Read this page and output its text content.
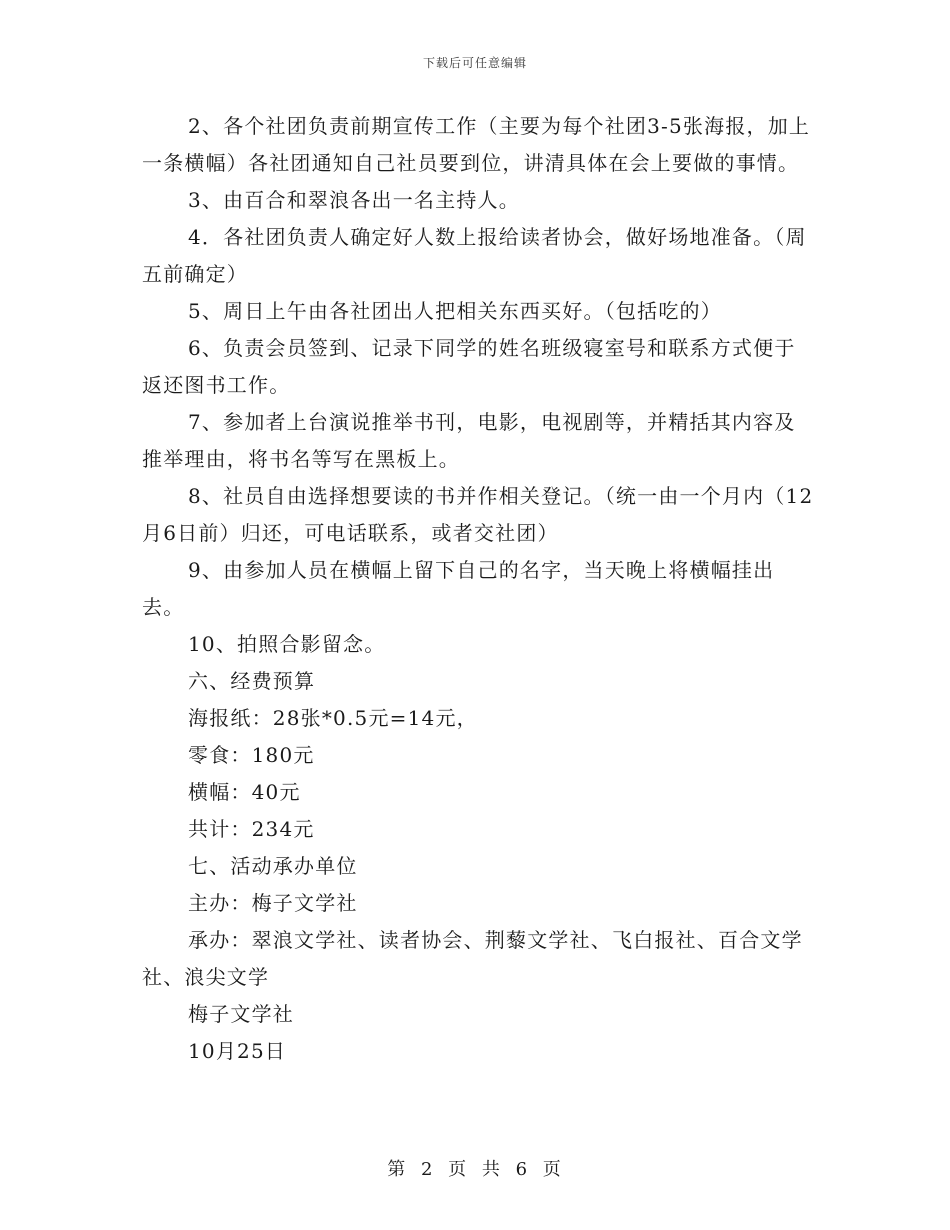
下载后可任意编辑

2、各个社团负责前期宣传工作（主要为每个社团3-5张海报，加上一条横幅）各社团通知自己社员要到位，讲清具体在会上要做的事情。

3、由百合和翠浪各出一名主持人。

4．各社团负责人确定好人数上报给读者协会，做好场地准备。（周五前确定）

5、周日上午由各社团出人把相关东西买好。（包括吃的）

6、负责会员签到、记录下同学的姓名班级寝室号和联系方式便于返还图书工作。

7、参加者上台演说推举书刊，电影，电视剧等，并精括其内容及推举理由，将书名等写在黑板上。

8、社员自由选择想要读的书并作相关登记。（统一由一个月内（12月6日前）归还，可电话联系，或者交社团）

9、由参加人员在横幅上留下自己的名字，当天晚上将横幅挂出去。

10、拍照合影留念。

六、经费预算

海报纸：28张*0.5元=14元，

零食：180元

横幅：40元

共计：234元

七、活动承办单位

主办：梅子文学社

承办：翠浪文学社、读者协会、荆藜文学社、飞白报社、百合文学社、浪尖文学

梅子文学社

10月25日

第 2 页 共 6 页
